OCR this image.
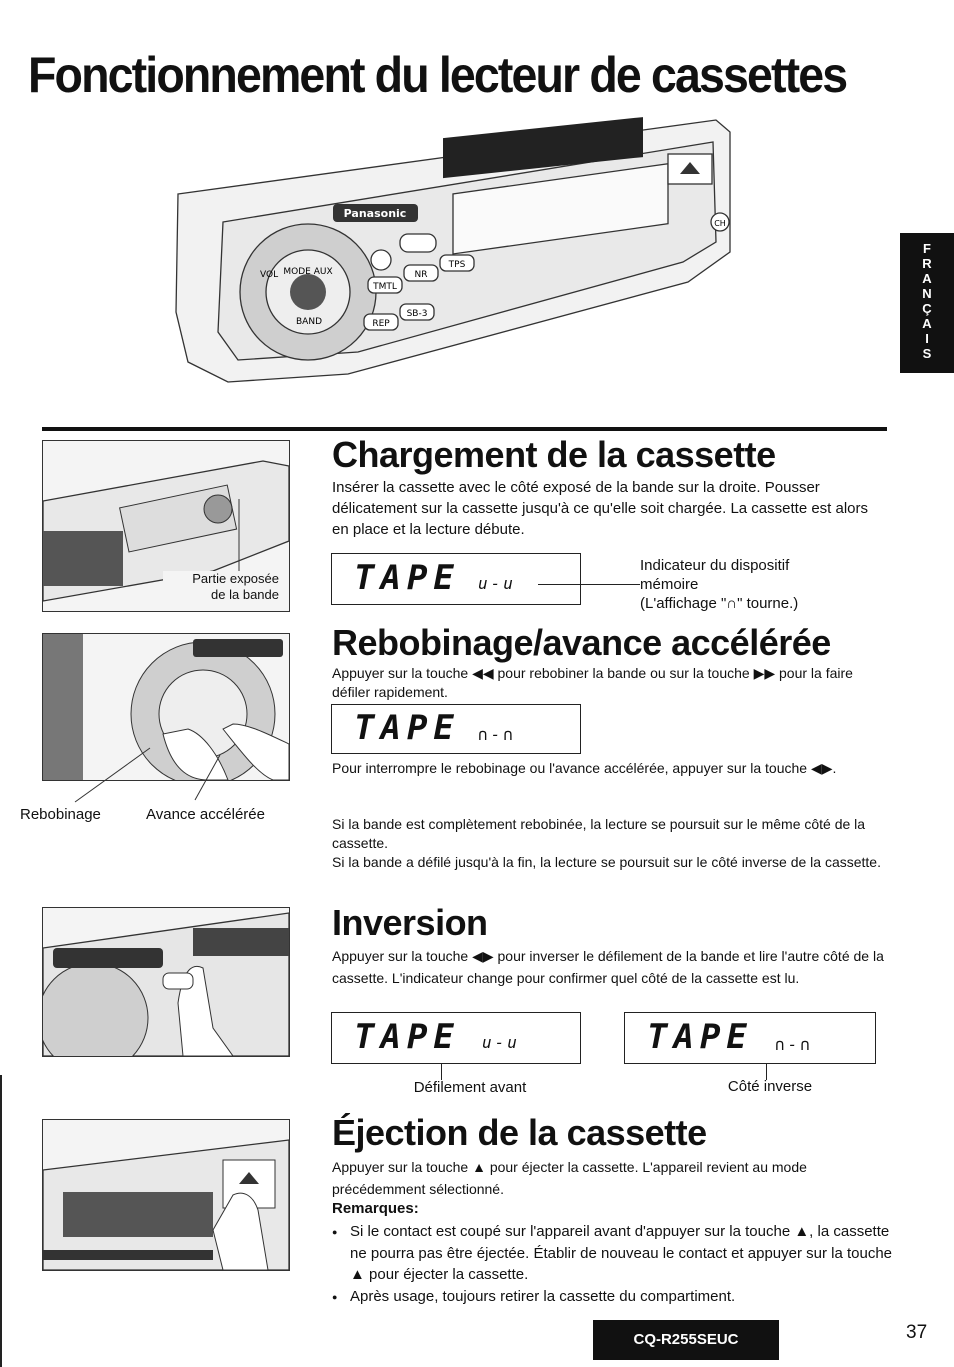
Fonctionnement du lecteur de cassettes
F
R
A
N
Ç
A
I
S
MODE AUX
VOL
BAND
Panasonic
TMTL
NR
TPS
REP
SB-3
CH
Partie exposée
de la bande
Chargement de la cassette

Insérer la cassette avec le côté exposé de la bande sur la droite. Pousser délicatement sur la cassette jusqu'à ce qu'elle soit chargée. La cassette est alors en place et la lecture débute.

TAPE u-u
Indicateur du dispositif
mémoire
(L'affichage "∩" tourne.)
Rebobinage	Avance accélérée
Rebobinage/avance accélérée

Appuyer sur la touche ◀◀ pour rebobiner la bande ou sur la touche ▶▶ pour la faire défiler rapidement.

TAPE ∩-∩

Pour interrompre le rebobinage ou l'avance accélérée, appuyer sur la touche ◀▶.

Si la bande est complètement rebobinée, la lecture se poursuit sur le même côté de la cassette.

Si la bande a défilé jusqu'à la fin, la lecture se poursuit sur le côté inverse de la cassette.

Inversion

Appuyer sur la touche ◀▶ pour inverser le défilement de la bande et lire l'autre côté de la cassette. L'indicateur change pour confirmer quel côté de la cassette est lu.

TAPE u-u
Défilement avant
TAPE ∩-∩
Côté inverse
Éjection de la cassette

Appuyer sur la touche ▲ pour éjecter la cassette. L'appareil revient au mode précédemment sélectionné.

Remarques:
● Si le contact est coupé sur l'appareil avant d'appuyer sur la touche ▲, la cassette ne pourra pas être éjectée. Établir de nouveau le contact et appuyer sur la touche ▲ pour éjecter la cassette.
● Après usage, toujours retirer la cassette du compartiment.
CQ-R255SEUC	37
